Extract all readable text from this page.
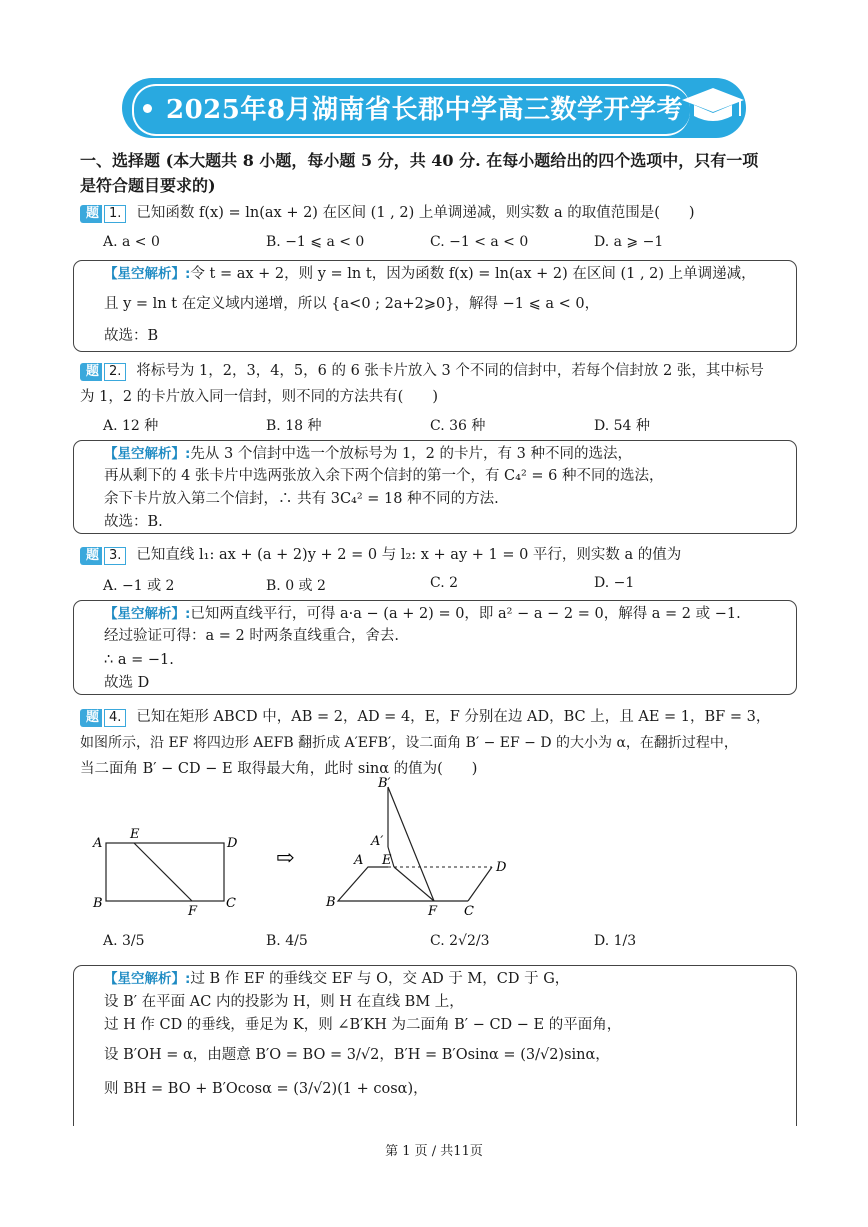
2025年8月湖南省长郡中学高三数学开学考
一、选择题 (本大题共 8 小题，每小题 5 分，共 40 分. 在每小题给出的四个选项中，只有一项
是符合题目要求的)
题 1. 已知函数 f(x) = ln(ax + 2) 在区间 (1 , 2) 上单调递减，则实数 a 的取值范围是(　　)
A. a < 0	B. −1 ⩽ a < 0	C. −1 < a < 0	D. a ⩾ −1
【星空解析】:令 t = ax + 2，则 y = ln t，因为函数 f(x) = ln(ax + 2) 在区间 (1 , 2) 上单调递减，
且 y = ln t 在定义域内递增，所以 {a<0 ; 2a+2⩾0}，解得 −1 ⩽ a < 0，
故选：B
题 2. 将标号为 1，2，3，4，5，6 的 6 张卡片放入 3 个不同的信封中，若每个信封放 2 张，其中标号
为 1，2 的卡片放入同一信封，则不同的方法共有(　　)
A. 12 种	B. 18 种	C. 36 种	D. 54 种
【星空解析】:先从 3 个信封中选一个放标号为 1，2 的卡片，有 3 种不同的选法，
再从剩下的 4 张卡片中选两张放入余下两个信封的第一个，有 C₄² = 6 种不同的选法，
余下卡片放入第二个信封，∴ 共有 3C₄² = 18 种不同的方法.
故选：B.
题 3. 已知直线 l₁: ax + (a + 2)y + 2 = 0 与 l₂: x + ay + 1 = 0 平行，则实数 a 的值为
A. −1 或 2	B. 0 或 2	C. 2	D. −1
【星空解析】:已知两直线平行，可得 a·a − (a + 2) = 0，即 a² − a − 2 = 0，解得 a = 2 或 −1.
经过验证可得：a = 2 时两条直线重合，舍去.
∴ a = −1.
故选 D
题 4. 已知在矩形 ABCD 中，AB = 2，AD = 4，E，F 分别在边 AD，BC 上，且 AE = 1，BF = 3，
如图所示，沿 EF 将四边形 AEFB 翻折成 A′EFB′，设二面角 B′ − EF − D 的大小为 α，在翻折过程中，
当二面角 B′ − CD − E 取得最大角，此时 sinα 的值为(　　)
A
E
D
B
F
C
⇨
B′
A′
A E	D
B
F C
A. 3/5	B. 4/5	C. 2√2/3	D. 1/3
【星空解析】:过 B 作 EF 的垂线交 EF 与 O，交 AD 于 M，CD 于 G，
设 B′ 在平面 AC 内的投影为 H，则 H 在直线 BM 上，
过 H 作 CD 的垂线，垂足为 K，则 ∠B′KH 为二面角 B′ − CD − E 的平面角，
设 B′OH = α，由题意 B′O = BO = 3/√2，B′H = B′Osinα = (3/√2)sinα，
则 BH = BO + B′Ocosα = (3/√2)(1 + cosα)，
第 1 页 / 共11页
